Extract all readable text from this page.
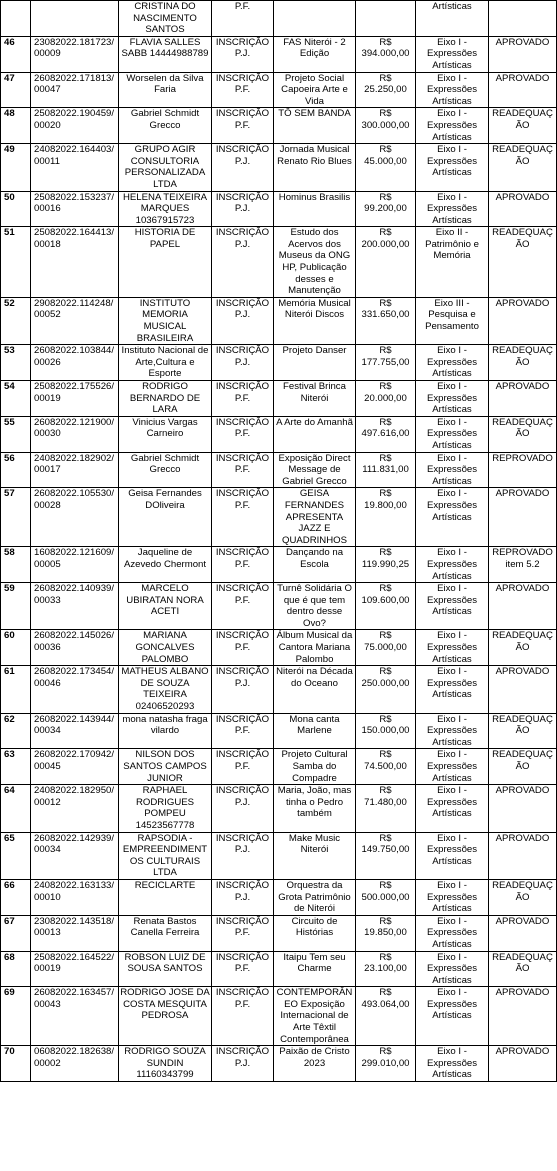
		CRISTINA DO NASCIMENTO SANTOS	P.F.			Artísticas	
46	23082022.181723/00009	FLAVIA SALLES SABB 14444988789	INSCRIÇÃO P.J.	FAS Niterói - 2 Edição	R$ 394.000,00	Eixo I - Expressões Artísticas	APROVADO
47	26082022.171813/00047	Worselen da Silva Faria	INSCRIÇÃO P.F.	Projeto Social Capoeira Arte e Vida	R$ 25.250,00	Eixo I - Expressões Artísticas	APROVADO
48	25082022.190459/00020	Gabriel Schmidt Grecco	INSCRIÇÃO P.F.	TÔ SEM BANDA	R$ 300.000,00	Eixo I - Expressões Artísticas	READEQUAÇÃO
49	24082022.164403/00011	GRUPO AGIR CONSULTORIA PERSONALIZADA LTDA	INSCRIÇÃO P.J.	Jornada Musical Renato Rio Blues	R$ 45.000,00	Eixo I - Expressões Artísticas	READEQUAÇÃO
50	25082022.153237/00016	HELENA TEIXEIRA MARQUES 10367915723	INSCRIÇÃO P.J.	Hominus Brasilis	R$ 99.200,00	Eixo I - Expressões Artísticas	APROVADO
51	25082022.164413/00018	HISTORIA DE PAPEL	INSCRIÇÃO P.J.	Estudo dos Acervos dos Museus da ONG HP, Publicação desses e Manutenção	R$ 200.000,00	Eixo II - Patrimônio e Memória	READEQUAÇÃO
52	29082022.114248/00052	INSTITUTO MEMORIA MUSICAL BRASILEIRA	INSCRIÇÃO P.J.	Memória Musical Niterói Discos	R$ 331.650,00	Eixo III - Pesquisa e Pensamento	APROVADO
53	26082022.103844/00026	Instituto Nacional de Arte,Cultura e Esporte	INSCRIÇÃO P.J.	Projeto Danser	R$ 177.755,00	Eixo I - Expressões Artísticas	READEQUAÇÃO
54	25082022.175526/00019	RODRIGO BERNARDO DE LARA	INSCRIÇÃO P.F.	Festival Brinca Niterói	R$ 20.000,00	Eixo I - Expressões Artísticas	APROVADO
55	26082022.121900/00030	Vinicius Vargas Carneiro	INSCRIÇÃO P.F.	A Arte do Amanhã	R$ 497.616,00	Eixo I - Expressões Artísticas	READEQUAÇÃO
56	24082022.182902/00017	Gabriel Schmidt Grecco	INSCRIÇÃO P.F.	Exposição Direct Message de Gabriel Grecco	R$ 111.831,00	Eixo I - Expressões Artísticas	REPROVADO
57	26082022.105530/00028	Geisa Fernandes DOliveira	INSCRIÇÃO P.F.	GEISA FERNANDES APRESENTA JAZZ E QUADRINHOS	R$ 19.800,00	Eixo I - Expressões Artísticas	APROVADO
58	16082022.121609/00005	Jaqueline de Azevedo Chermont	INSCRIÇÃO P.F.	Dançando na Escola	R$ 119.990,25	Eixo I - Expressões Artísticas	REPROVADO item 5.2
59	26082022.140939/00033	MARCELO UBIRATAN NORA ACETI	INSCRIÇÃO P.F.	Turnê Solidária O que é que tem dentro desse Ovo?	R$ 109.600,00	Eixo I - Expressões Artísticas	APROVADO
60	26082022.145026/00036	MARIANA GONCALVES PALOMBO	INSCRIÇÃO P.F.	Álbum Musical da Cantora Mariana Palombo	R$ 75.000,00	Eixo I - Expressões Artísticas	READEQUAÇÃO
61	26082022.173454/00046	MATHEUS ALBANO DE SOUZA TEIXEIRA 02406520293	INSCRIÇÃO P.J.	Niterói na Década do Oceano	R$ 250.000,00	Eixo I - Expressões Artísticas	APROVADO
62	26082022.143944/00034	mona natasha fraga vilardo	INSCRIÇÃO P.F.	Mona canta Marlene	R$ 150.000,00	Eixo I - Expressões Artísticas	READEQUAÇÃO
63	26082022.170942/00045	NILSON DOS SANTOS CAMPOS JUNIOR	INSCRIÇÃO P.F.	Projeto Cultural Samba do Compadre	R$ 74.500,00	Eixo I - Expressões Artísticas	READEQUAÇÃO
64	24082022.182950/00012	RAPHAEL RODRIGUES POMPEU 14523567778	INSCRIÇÃO P.J.	Maria, João, mas tinha o Pedro também	R$ 71.480,00	Eixo I - Expressões Artísticas	APROVADO
65	26082022.142939/00034	RAPSODIA - EMPREENDIMENTOS CULTURAIS LTDA	INSCRIÇÃO P.J.	Make Music Niterói	R$ 149.750,00	Eixo I - Expressões Artísticas	APROVADO
66	24082022.163133/00010	RECICLARTE	INSCRIÇÃO P.J.	Orquestra da Grota Patrimônio de Niterói	R$ 500.000,00	Eixo I - Expressões Artísticas	READEQUAÇÃO
67	23082022.143518/00013	Renata Bastos Canella Ferreira	INSCRIÇÃO P.F.	Circuito de Histórias	R$ 19.850,00	Eixo I - Expressões Artísticas	APROVADO
68	25082022.164522/00019	ROBSON LUIZ DE SOUSA SANTOS	INSCRIÇÃO P.F.	Itaipu Tem seu Charme	R$ 23.100,00	Eixo I - Expressões Artísticas	READEQUAÇÃO
69	26082022.163457/00043	RODRIGO JOSE DA COSTA MESQUITA PEDROSA	INSCRIÇÃO P.F.	CONTEMPORÂNEO Exposição Internacional de Arte Têxtil Contemporânea	R$ 493.064,00	Eixo I - Expressões Artísticas	APROVADO
70	06082022.182638/00002	RODRIGO SOUZA SUNDIN 11160343799	INSCRIÇÃO P.J.	Paixão de Cristo 2023	R$ 299.010,00	Eixo I - Expressões Artísticas	APROVADO
